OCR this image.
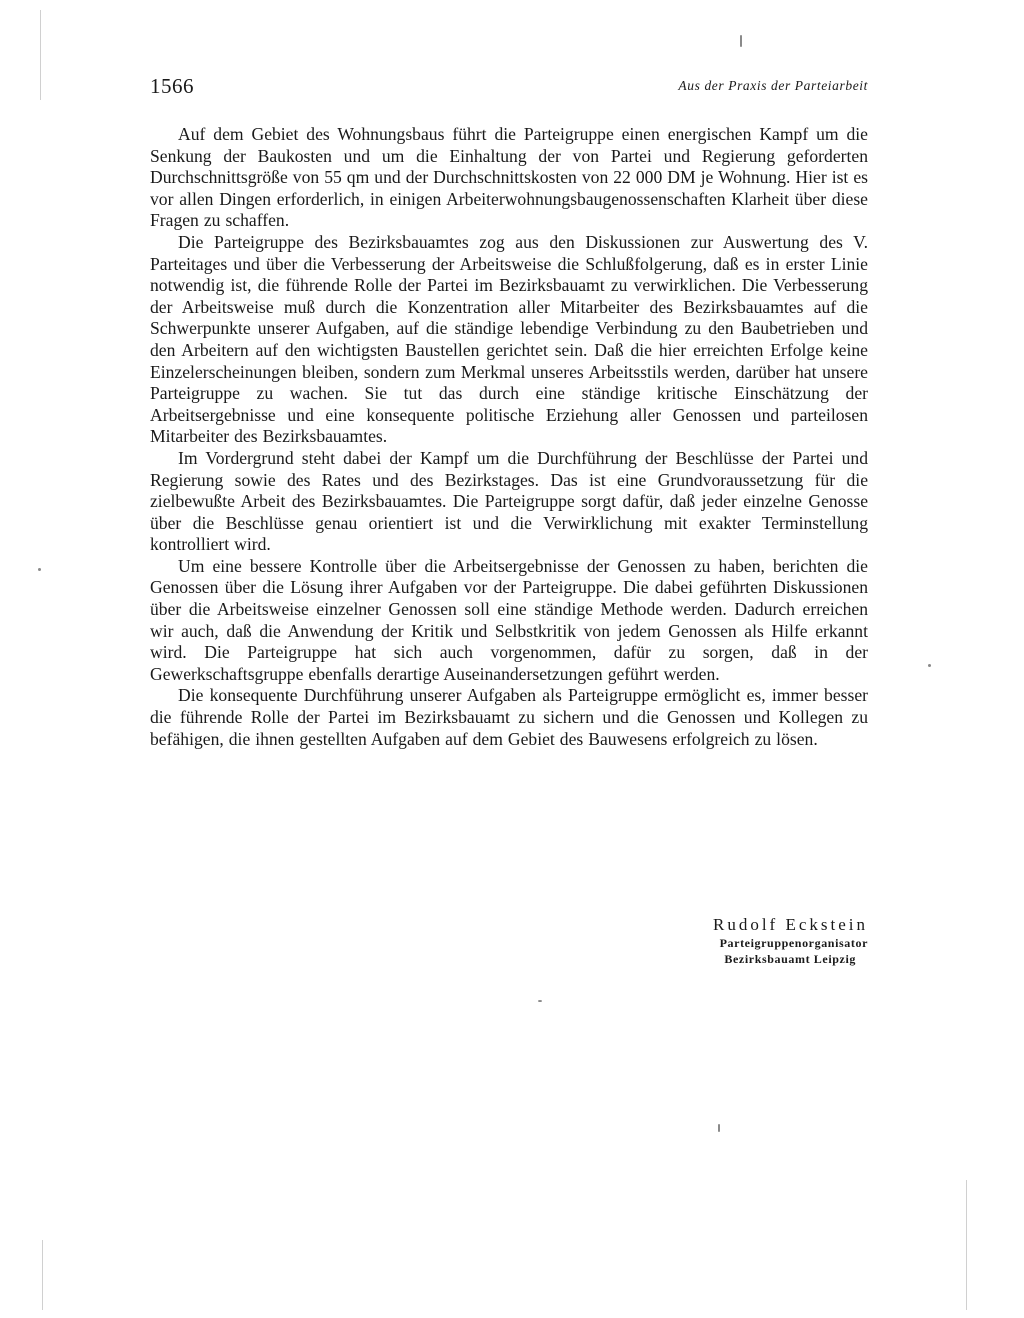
1566	Aus der Praxis der Parteiarbeit

Auf dem Gebiet des Wohnungsbaus führt die Parteigruppe einen energischen Kampf um die Senkung der Baukosten und um die Einhaltung der von Partei und Regierung geforderten Durchschnittsgröße von 55 qm und der Durchschnittskosten von 22 000 DM je Wohnung. Hier ist es vor allen Dingen erforderlich, in einigen Arbeiterwohnungsbaugenossenschaften Klarheit über diese Fragen zu schaffen.

Die Parteigruppe des Bezirksbauamtes zog aus den Diskussionen zur Auswertung des V. Parteitages und über die Verbesserung der Arbeitsweise die Schlußfolgerung, daß es in erster Linie notwendig ist, die führende Rolle der Partei im Bezirksbauamt zu verwirklichen. Die Verbesserung der Arbeitsweise muß durch die Konzentration aller Mitarbeiter des Bezirksbauamtes auf die Schwerpunkte unserer Aufgaben, auf die ständige lebendige Verbindung zu den Baubetrieben und den Arbeitern auf den wichtigsten Baustellen gerichtet sein. Daß die hier erreichten Erfolge keine Einzelerscheinungen bleiben, sondern zum Merkmal unseres Arbeitsstils werden, darüber hat unsere Parteigruppe zu wachen. Sie tut das durch eine ständige kritische Einschätzung der Arbeitsergebnisse und eine konsequente politische Erziehung aller Genossen und parteilosen Mitarbeiter des Bezirksbauamtes.

Im Vordergrund steht dabei der Kampf um die Durchführung der Beschlüsse der Partei und Regierung sowie des Rates und des Bezirkstages. Das ist eine Grundvoraussetzung für die zielbewußte Arbeit des Bezirksbauamtes. Die Parteigruppe sorgt dafür, daß jeder einzelne Genosse über die Beschlüsse genau orientiert ist und die Verwirklichung mit exakter Terminstellung kontrolliert wird.

Um eine bessere Kontrolle über die Arbeitsergebnisse der Genossen zu haben, berichten die Genossen über die Lösung ihrer Aufgaben vor der Parteigruppe. Die dabei geführten Diskussionen über die Arbeitsweise einzelner Genossen soll eine ständige Methode werden. Dadurch erreichen wir auch, daß die Anwendung der Kritik und Selbstkritik von jedem Genossen als Hilfe erkannt wird. Die Parteigruppe hat sich auch vorgenommen, dafür zu sorgen, daß in der Gewerkschaftsgruppe ebenfalls derartige Auseinandersetzungen geführt werden.

Die konsequente Durchführung unserer Aufgaben als Parteigruppe ermöglicht es, immer besser die führende Rolle der Partei im Bezirksbauamt zu sichern und die Genossen und Kollegen zu befähigen, die ihnen gestellten Aufgaben auf dem Gebiet des Bauwesens erfolgreich zu lösen.

Rudolf Eckstein

Parteigruppenorganisator

Bezirksbauamt Leipzig
